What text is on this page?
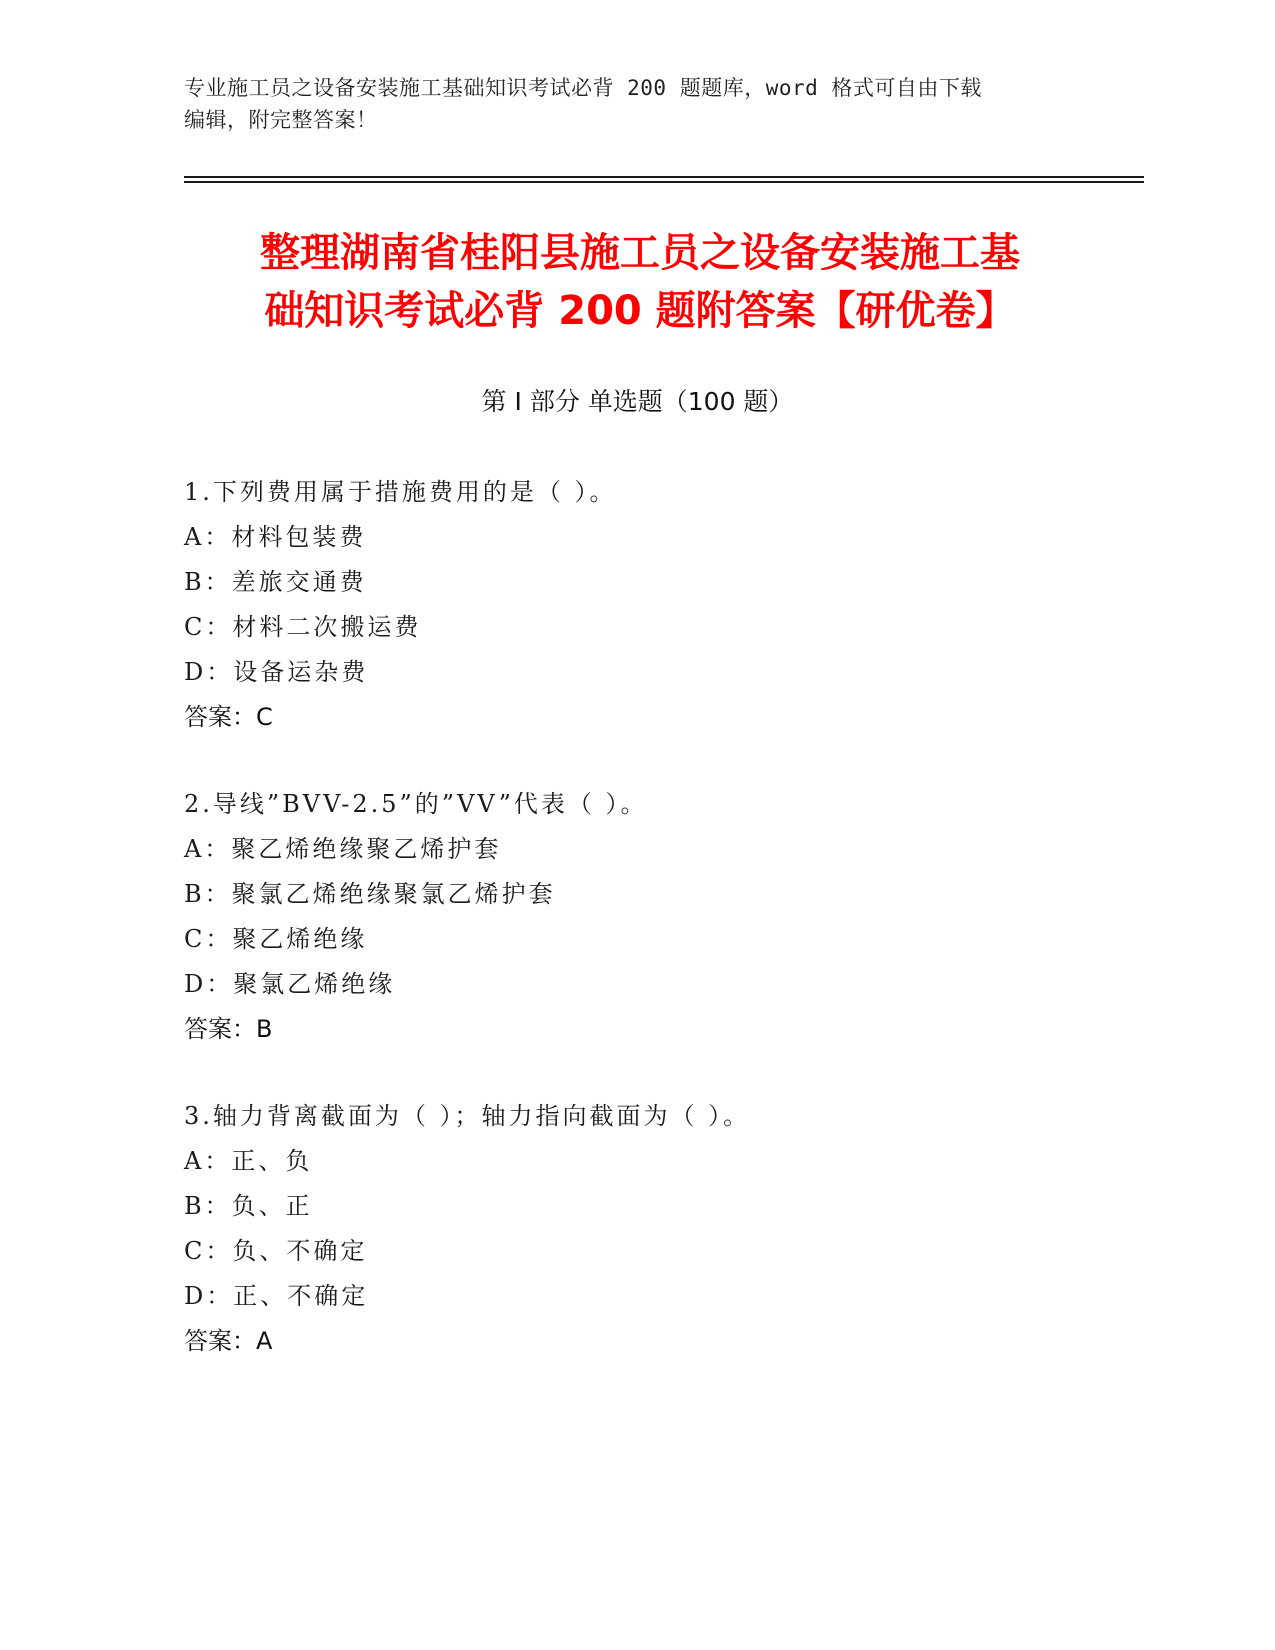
专业施工员之设备安装施工基础知识考试必背 200 题题库，word 格式可自由下载
编辑，附完整答案！
整理湖南省桂阳县施工员之设备安装施工基
础知识考试必背 200 题附答案【研优卷】
第 I 部分 单选题（100 题）
1.下列费用属于措施费用的是（ ）。
A：材料包装费
B：差旅交通费
C：材料二次搬运费
D：设备运杂费
答案：C
2.导线”BVV-2.5”的”VV”代表（ ）。
A：聚乙烯绝缘聚乙烯护套
B：聚氯乙烯绝缘聚氯乙烯护套
C：聚乙烯绝缘
D：聚氯乙烯绝缘
答案：B
3.轴力背离截面为（ ）；轴力指向截面为（ ）。
A：正、负
B：负、正
C：负、不确定
D：正、不确定
答案：A
